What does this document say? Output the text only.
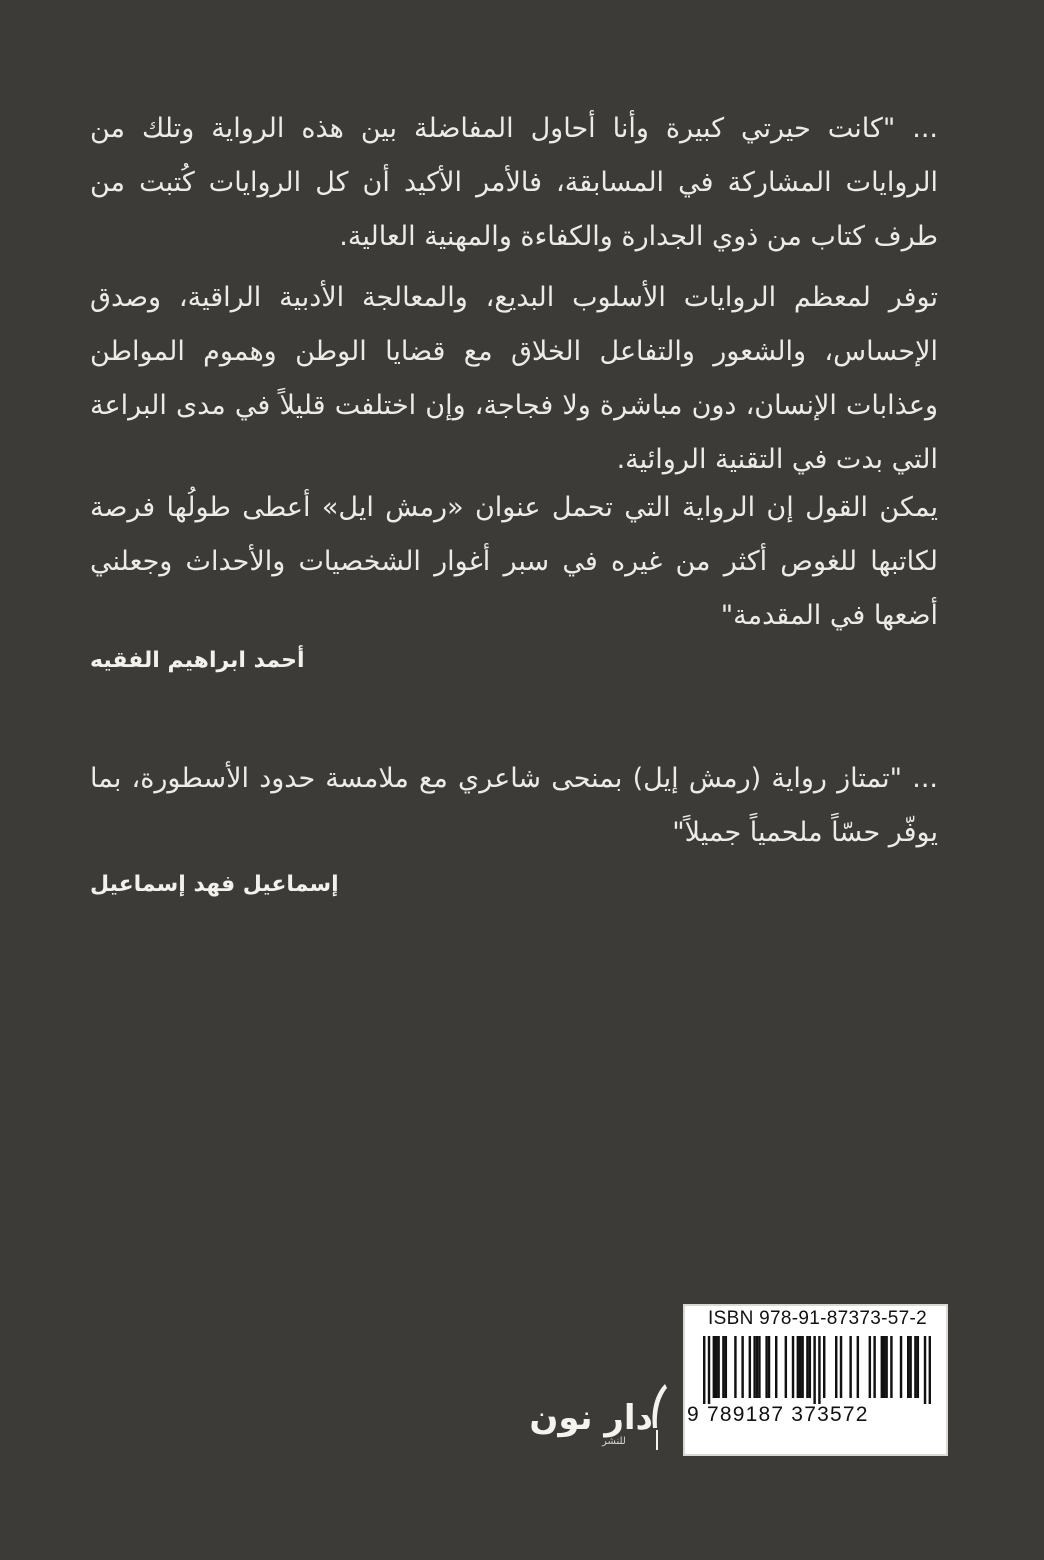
... "كانت حيرتي كبيرة وأنا أحاول المفاضلة بين هذه الرواية وتلك من الروايات المشاركة في المسابقة، فالأمر الأكيد أن كل الروايات كُتبت من طرف كتاب من ذوي الجدارة والكفاءة والمهنية العالية.

توفر لمعظم الروايات الأسلوب البديع، والمعالجة الأدبية الراقية، وصدق الإحساس، والشعور والتفاعل الخلاق مع قضايا الوطن وهموم المواطن وعذابات الإنسان، دون مباشرة ولا فجاجة، وإن اختلفت قليلاً في مدى البراعة التي بدت في التقنية الروائية.

يمكن القول إن الرواية التي تحمل عنوان «رمش ايل» أعطى طولُها فرصة لكاتبها للغوص أكثر من غيره في سبر أغوار الشخصيات والأحداث وجعلني أضعها في المقدمة"

أحمد ابراهيم الفقيه

... "تمتاز رواية (رمش إيل) بمنحى شاعري مع ملامسة حدود الأسطورة، بما يوفّر حسّاً ملحمياً جميلاً"

إسماعيل فهد إسماعيل
ISBN 978-91-87373-57-2
9 789187 373572
دار نون
للنشر
